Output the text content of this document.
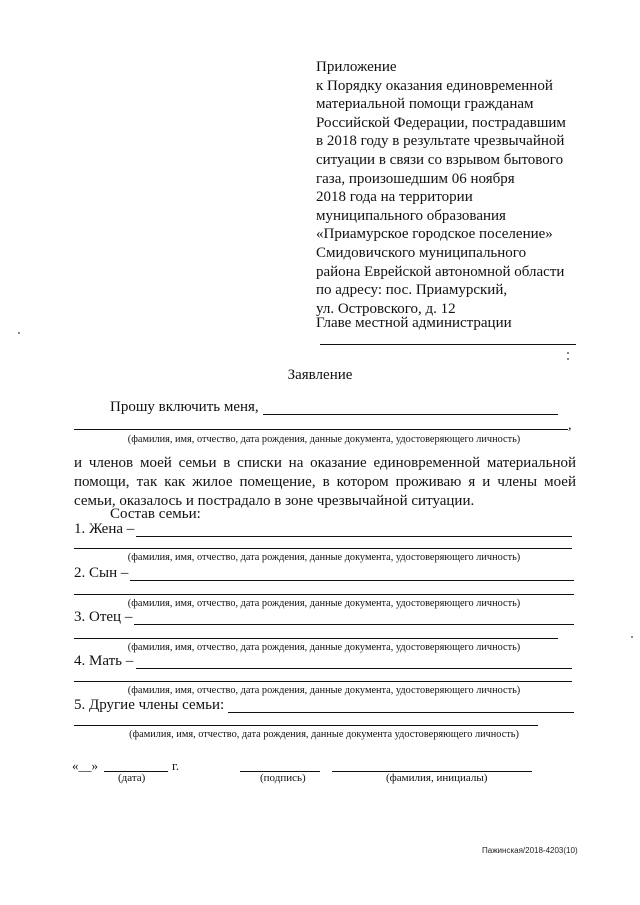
Приложение
к Порядку оказания единовременной
материальной помощи гражданам
Российской Федерации, пострадавшим
в 2018 году в результате чрезвычайной
ситуации в связи со взрывом бытового
газа, произошедшим 06 ноября
2018 года на территории
муниципального образования
«Приамурское городское поселение»
Смидовичского муниципального
района Еврейской автономной области
по адресу: пос. Приамурский,
ул. Островского, д. 12
Главе местной администрации
Заявление
Прошу включить меня,
,
(фамилия, имя, отчество, дата рождения, данные документа, удостоверяющего личность)
и членов моей семьи в списки на оказание единовременной материальной
помощи, так как жилое помещение, в котором проживаю я и члены моей
семьи, оказалось и пострадало в зоне чрезвычайной ситуации.
Состав семьи:
1. Жена –
(фамилия, имя, отчество, дата рождения, данные документа, удостоверяющего личность)
2. Сын –
(фамилия, имя, отчество, дата рождения, данные документа, удостоверяющего личность)
3. Отец –
(фамилия, имя, отчество, дата рождения, данные документа, удостоверяющего личность)
4. Мать –
(фамилия, имя, отчество, дата рождения, данные документа, удостоверяющего личность)
5. Другие члены семьи:
(фамилия, имя, отчество, дата рождения, данные документа удостоверяющего личность)
«__»	г.
(дата)	(подпись)	(фамилия, инициалы)
Пажинская/2018-4203(10)
